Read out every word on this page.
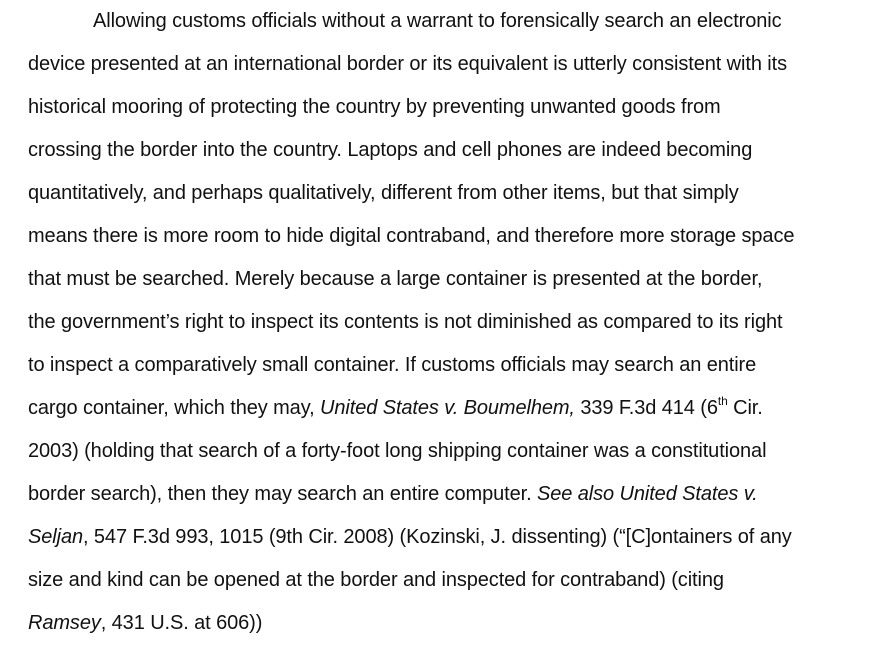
Allowing customs officials without a warrant to forensically search an electronic
device presented at an international border or its equivalent is utterly consistent with its
historical mooring of protecting the country by preventing unwanted goods from
crossing the border into the country. Laptops and cell phones are indeed becoming
quantitatively, and perhaps qualitatively, different from other items, but that simply
means there is more room to hide digital contraband, and therefore more storage space
that must be searched. Merely because a large container is presented at the border,
the government’s right to inspect its contents is not diminished as compared to its right
to inspect a comparatively small container. If customs officials may search an entire
cargo container, which they may, United States v. Boumelhem, 339 F.3d 414 (6th Cir.
2003) (holding that search of a forty-foot long shipping container was a constitutional
border search), then they may search an entire computer. See also United States v.
Seljan, 547 F.3d 993, 1015 (9th Cir. 2008) (Kozinski, J. dissenting) (“[C]ontainers of any
size and kind can be opened at the border and inspected for contraband) (citing
Ramsey, 431 U.S. at 606))
